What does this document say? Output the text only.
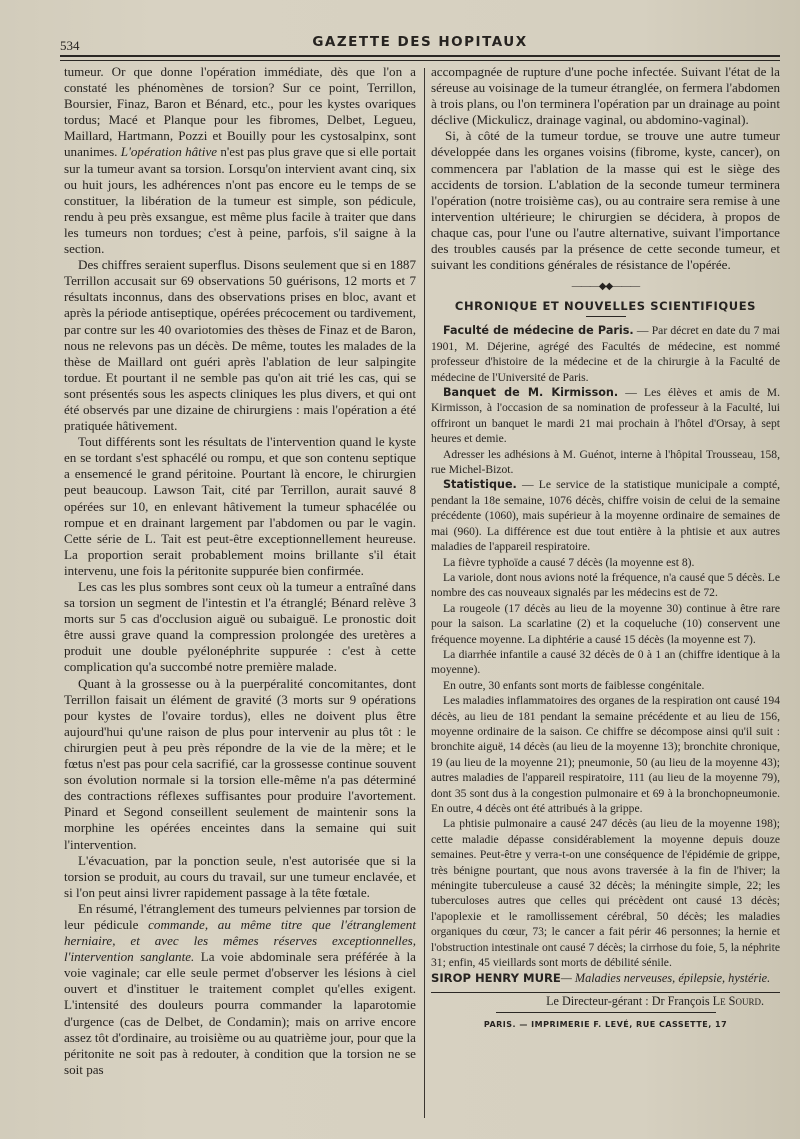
534	GAZETTE DES HOPITAUX

tumeur. Or que donne l'opération immédiate, dès que l'on a constaté les phénomènes de torsion? Sur ce point, Terrillon, Boursier, Finaz, Baron et Bénard, etc., pour les kystes ovariques tordus; Macé et Planque pour les fibromes, Delbet, Legueu, Maillard, Hartmann, Pozzi et Bouilly pour les cystosalpinx, sont unanimes. L'opération hâtive n'est pas plus grave que si elle portait sur la tumeur avant sa torsion. Lorsqu'on intervient avant cinq, six ou huit jours, les adhérences n'ont pas encore eu le temps de se constituer, la libération de la tumeur est simple, son pédicule, rendu à peu près exsangue, est même plus facile à traiter que dans les tumeurs non tordues; c'est à peine, parfois, s'il saigne à la section.

Des chiffres seraient superflus. Disons seulement que si en 1887 Terrillon accusait sur 69 observations 50 guérisons, 12 morts et 7 résultats inconnus, dans des observations prises en bloc, avant et après la période antiseptique, opérées précocement ou tardivement, par contre sur les 40 ovariotomies des thèses de Finaz et de Baron, nous ne relevons pas un décès. De même, toutes les malades de la thèse de Maillard ont guéri après l'ablation de leur salpingite tordue. Et pourtant il ne semble pas qu'on ait trié les cas, qui se sont présentés sous les aspects cliniques les plus divers, et qui ont été observés par une dizaine de chirurgiens : mais l'opération a été pratiquée hâtivement.

Tout différents sont les résultats de l'intervention quand le kyste en se tordant s'est sphacélé ou rompu, et que son contenu septique a ensemencé le grand péritoine. Pourtant là encore, le chirurgien peut beaucoup. Lawson Tait, cité par Terrillon, aurait sauvé 8 opérées sur 10, en enlevant hâtivement la tumeur sphacélée ou rompue et en drainant largement par l'abdomen ou par le vagin. Cette série de L. Tait est peut-être exceptionnellement heureuse. La proportion serait probablement moins brillante s'il était intervenu, une fois la péritonite suppurée bien confirmée.

Les cas les plus sombres sont ceux où la tumeur a entraîné dans sa torsion un segment de l'intestin et l'a étranglé; Bénard relève 3 morts sur 5 cas d'occlusion aiguë ou subaiguë. Le pronostic doit être aussi grave quand la compression prolongée des uretères a produit une double pyélonéphrite suppurée : c'est à cette complication qu'a succombé notre première malade.

Quant à la grossesse ou à la puerpéralité concomitantes, dont Terrillon faisait un élément de gravité (3 morts sur 9 opérations pour kystes de l'ovaire tordus), elles ne doivent plus être aujourd'hui qu'une raison de plus pour intervenir au plus tôt : le chirurgien peut à peu près répondre de la vie de la mère; et le fœtus n'est pas pour cela sacrifié, car la grossesse continue souvent son évolution normale si la torsion elle-même n'a pas déterminé des contractions réflexes suffisantes pour produire l'avortement. Pinard et Segond conseillent seulement de maintenir sons la morphine les opérées enceintes dans la semaine qui suit l'intervention.

L'évacuation, par la ponction seule, n'est autorisée que si la torsion se produit, au cours du travail, sur une tumeur enclavée, et si l'on peut ainsi livrer rapidement passage à la tête fœtale.

En résumé, l'étranglement des tumeurs pelviennes par torsion de leur pédicule commande, au même titre que l'étranglement herniaire, et avec les mêmes réserves exceptionnelles, l'intervention sanglante. La voie abdominale sera préférée à la voie vaginale; car elle seule permet d'observer les lésions à ciel ouvert et d'instituer le traitement complet qu'elles exigent. L'intensité des douleurs pourra commander la laparotomie d'urgence (cas de Delbet, de Condamin); mais on arrive encore assez tôt d'ordinaire, au troisième ou au quatrième jour, pour que la péritonite ne soit pas à redouter, à condition que la torsion ne se soit pas

accompagnée de rupture d'une poche infectée. Suivant l'état de la séreuse au voisinage de la tumeur étranglée, on fermera l'abdomen à trois plans, ou l'on terminera l'opération par un drainage au point déclive (Mickulicz, drainage vaginal, ou abdomino-vaginal).

Si, à côté de la tumeur tordue, se trouve une autre tumeur développée dans les organes voisins (fibrome, kyste, cancer), on commencera par l'ablation de la masse qui est le siège des accidents de torsion. L'ablation de la seconde tumeur terminera l'opération (notre troisième cas), ou au contraire sera remise à une intervention ultérieure; le chirurgien se décidera, à propos de chaque cas, pour l'une ou l'autre alternative, suivant l'importance des troubles causés par la présence de cette seconde tumeur, et suivant les conditions générales de résistance de l'opérée.

———◆◆———
CHRONIQUE ET NOUVELLES SCIENTIFIQUES

Faculté de médecine de Paris. — Par décret en date du 7 mai 1901, M. Déjerine, agrégé des Facultés de médecine, est nommé professeur d'histoire de la médecine et de la chirurgie à la Faculté de médecine de l'Université de Paris.

Banquet de M. Kirmisson. — Les élèves et amis de M. Kirmisson, à l'occasion de sa nomination de professeur à la Faculté, lui offriront un banquet le mardi 21 mai prochain à l'hôtel d'Orsay, à sept heures et demie.

Adresser les adhésions à M. Guénot, interne à l'hôpital Trousseau, 158, rue Michel-Bizot.

Statistique. — Le service de la statistique municipale a compté, pendant la 18e semaine, 1076 décès, chiffre voisin de celui de la semaine précédente (1060), mais supérieur à la moyenne ordinaire de semaines de mai (960). La différence est due tout entière à la phtisie et aux autres maladies de l'appareil respiratoire.

La fièvre typhoïde a causé 7 décès (la moyenne est 8).

La variole, dont nous avions noté la fréquence, n'a causé que 5 décès. Le nombre des cas nouveaux signalés par les médecins est de 72.

La rougeole (17 décès au lieu de la moyenne 30) continue à être rare pour la saison. La scarlatine (2) et la coqueluche (10) conservent une fréquence moyenne. La diphtérie a causé 15 décès (la moyenne est 7).

La diarrhée infantile a causé 32 décès de 0 à 1 an (chiffre identique à la moyenne).

En outre, 30 enfants sont morts de faiblesse congénitale.

Les maladies inflammatoires des organes de la respiration ont causé 194 décès, au lieu de 181 pendant la semaine précédente et au lieu de 156, moyenne ordinaire de la saison. Ce chiffre se décompose ainsi qu'il suit : bronchite aiguë, 14 décès (au lieu de la moyenne 13); bronchite chronique, 19 (au lieu de la moyenne 21); pneumonie, 50 (au lieu de la moyenne 43); autres maladies de l'appareil respiratoire, 111 (au lieu de la moyenne 79), dont 35 sont dus à la congestion pulmonaire et 69 à la bronchopneumonie. En outre, 4 décès ont été attribués à la grippe.

La phtisie pulmonaire a causé 247 décès (au lieu de la moyenne 198); cette maladie dépasse considérablement la moyenne depuis douze semaines. Peut-être y verra-t-on une conséquence de l'épidémie de grippe, très bénigne pourtant, que nous avons traversée à la fin de l'hiver; la méningite tuberculeuse a causé 32 décès; la méningite simple, 22; les tuberculoses autres que celles qui précèdent ont causé 13 décès; l'apoplexie et le ramollissement cérébral, 50 décès; les maladies organiques du cœur, 73; le cancer a fait périr 46 personnes; la hernie et l'obstruction intestinale ont causé 7 décès; la cirrhose du foie, 5, la néphrite 31; enfin, 45 vieillards sont morts de débilité sénile.

SIROP HENRY MURE— Maladies nerveuses, épilepsie, hystérie.

Le Directeur-gérant : Dr François Le Sourd.

PARIS. — IMPRIMERIE F. LEVÉ, RUE CASSETTE, 17
